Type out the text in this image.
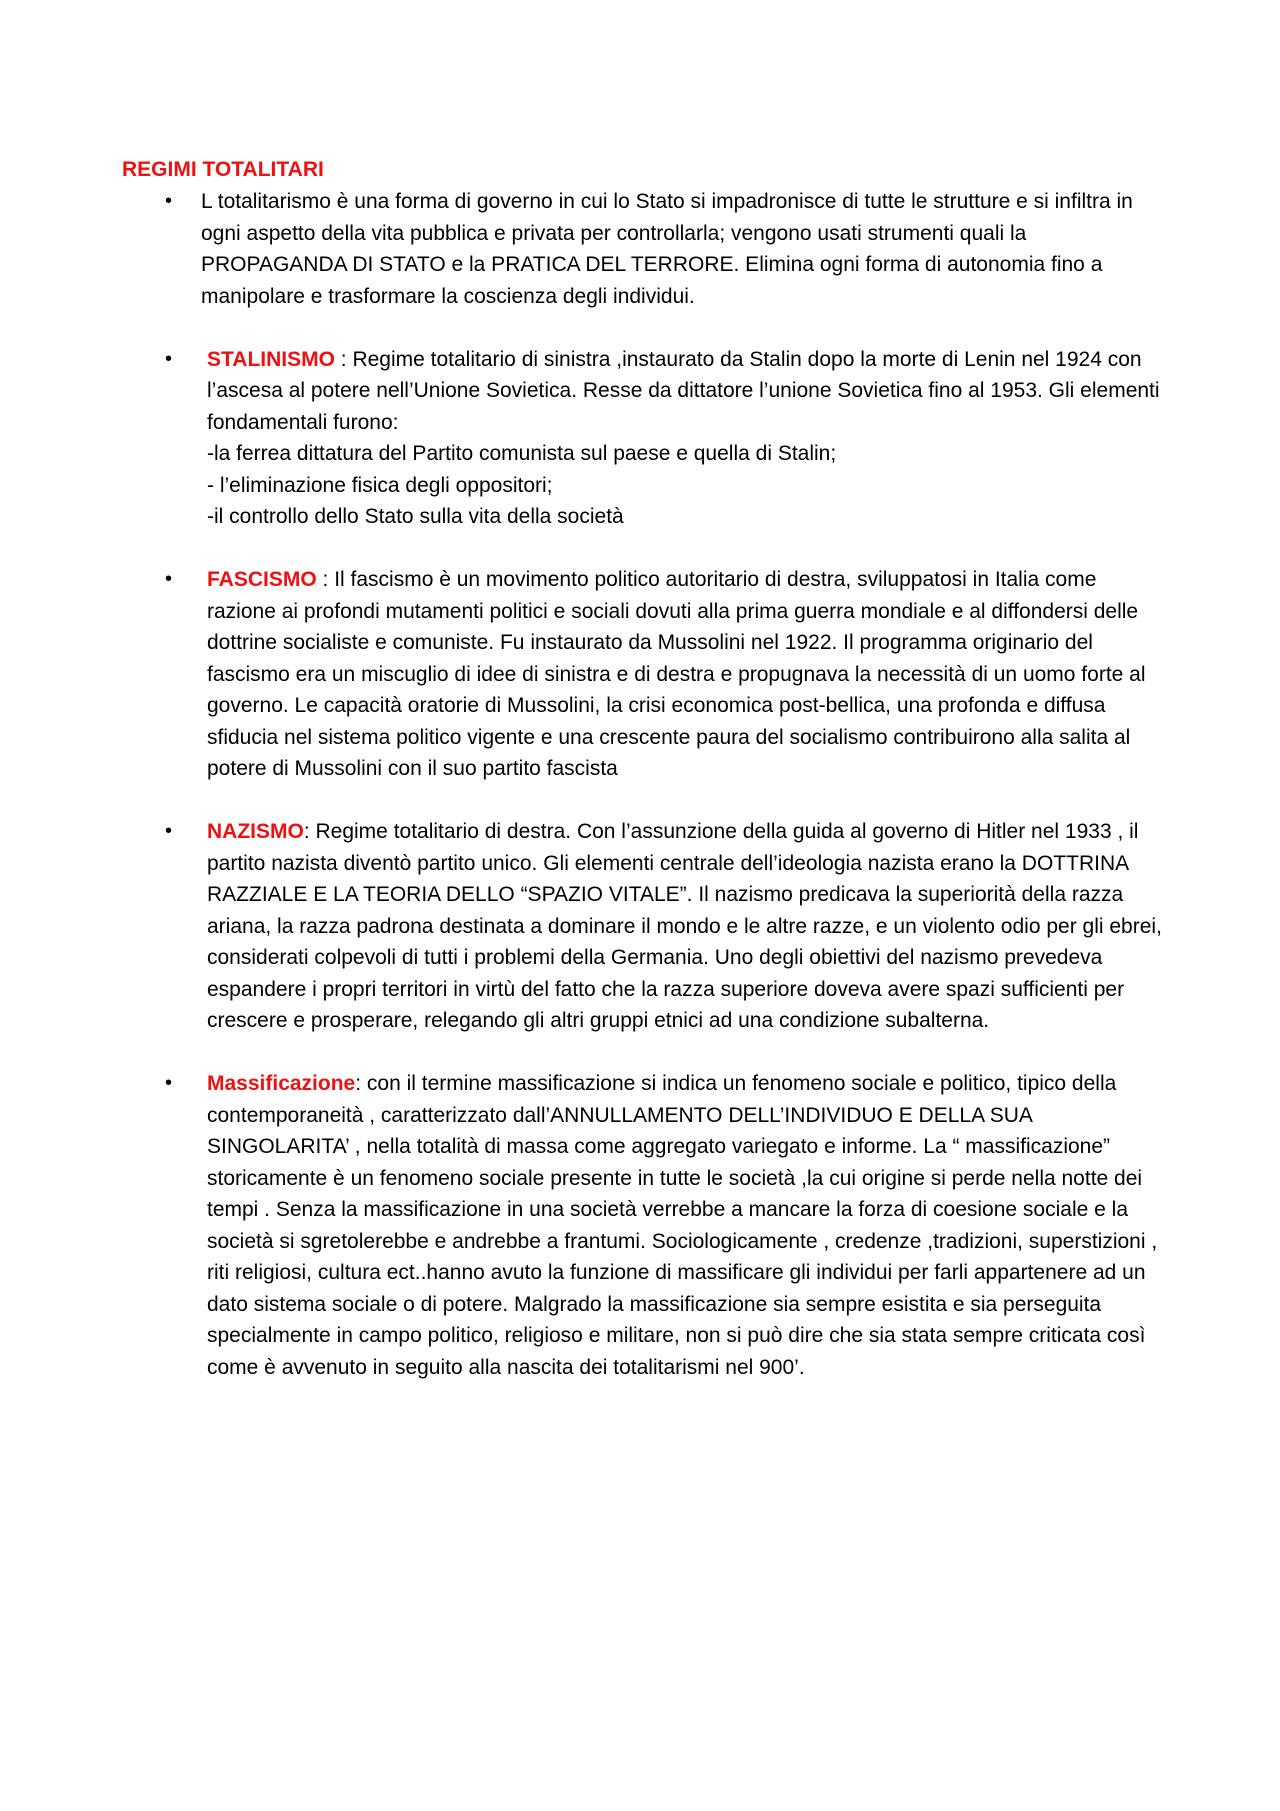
REGIMI TOTALITARI
• L totalitarismo è una forma di governo in cui lo Stato si impadronisce di tutte le strutture e si infiltra in ogni aspetto della vita pubblica e privata per controllarla; vengono usati strumenti quali la PROPAGANDA DI STATO e la PRATICA DEL TERRORE. Elimina ogni forma di autonomia fino a manipolare e trasformare la coscienza degli individui.

• STALINISMO : Regime totalitario di sinistra ,instaurato da Stalin dopo la morte di Lenin nel 1924 con l’ascesa al potere nell’Unione Sovietica. Resse da dittatore l’unione Sovietica fino al 1953. Gli elementi fondamentali furono:

-la ferrea dittatura del Partito comunista sul paese e quella di Stalin;

- l’eliminazione fisica degli oppositori;

-il controllo dello Stato sulla vita della società

• FASCISMO : Il fascismo è un movimento politico autoritario di destra, sviluppatosi in Italia come razione ai profondi mutamenti politici e sociali dovuti alla prima guerra mondiale e al diffondersi delle dottrine socialiste e comuniste. Fu instaurato da Mussolini nel 1922. Il programma originario del fascismo era un miscuglio di idee di sinistra e di destra e propugnava la necessità di un uomo forte al governo. Le capacità oratorie di Mussolini, la crisi economica post-bellica, una profonda e diffusa sfiducia nel sistema politico vigente e una crescente paura del socialismo contribuirono alla salita al potere di Mussolini con il suo partito fascista

• NAZISMO: Regime totalitario di destra. Con l’assunzione della guida al governo di Hitler nel 1933 , il partito nazista diventò partito unico. Gli elementi centrale dell’ideologia nazista erano la DOTTRINA RAZZIALE E LA TEORIA DELLO “SPAZIO VITALE”. Il nazismo predicava la superiorità della razza ariana, la razza padrona destinata a dominare il mondo e le altre razze, e un violento odio per gli ebrei, considerati colpevoli di tutti i problemi della Germania. Uno degli obiettivi del nazismo prevedeva espandere i propri territori in virtù del fatto che la razza superiore doveva avere spazi sufficienti per crescere e prosperare, relegando gli altri gruppi etnici ad una condizione subalterna.

• Massificazione: con il termine massificazione si indica un fenomeno sociale e politico, tipico della contemporaneità , caratterizzato dall’ANNULLAMENTO DELL’INDIVIDUO E DELLA SUA SINGOLARITA’ , nella totalità di massa come aggregato variegato e informe. La “ massificazione” storicamente è un fenomeno sociale presente in tutte le società ,la cui origine si perde nella notte dei tempi . Senza la massificazione in una società verrebbe a mancare la forza di coesione sociale e la società si sgretolerebbe e andrebbe a frantumi. Sociologicamente , credenze ,tradizioni, superstizioni , riti religiosi, cultura ect..hanno avuto la funzione di massificare gli individui per farli appartenere ad un dato sistema sociale o di potere. Malgrado la massificazione sia sempre esistita e sia perseguita specialmente in campo politico, religioso e militare, non si può dire che sia stata sempre criticata così come è avvenuto in seguito alla nascita dei totalitarismi nel 900’.
